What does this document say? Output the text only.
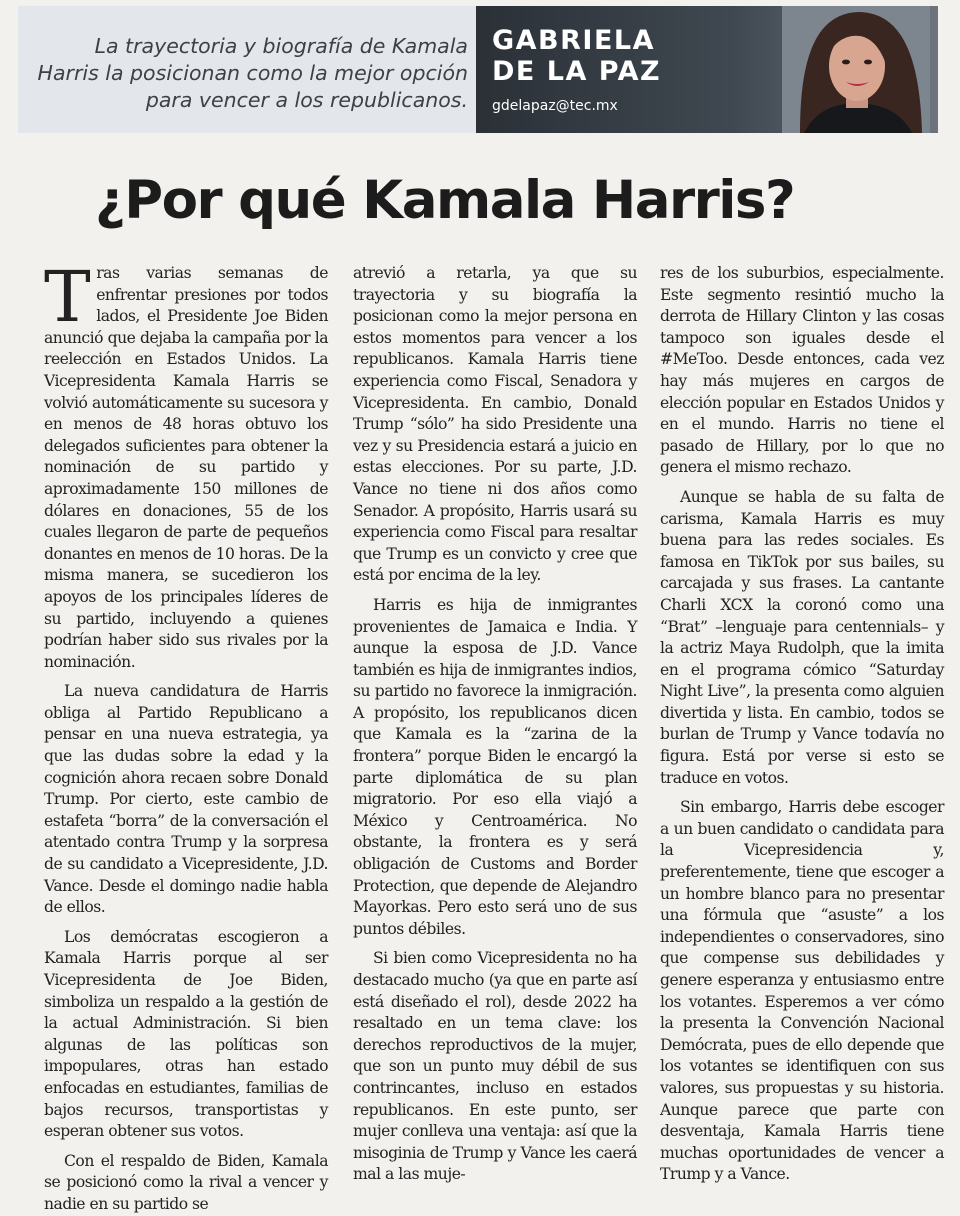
La trayectoria y biografía de Kamala Harris la posicionan como la mejor opción para vencer a los republicanos.
GABRIELA
DE LA PAZ
gdelapaz@tec.mx
¿Por qué Kamala Harris?

Tras varias semanas de enfrentar presiones por todos lados, el Presidente Joe Biden anunció que dejaba la campaña por la reelección en Estados Unidos. La Vicepresidenta Kamala Harris se volvió automáticamente su sucesora y en menos de 48 horas obtuvo los delegados suficientes para obtener la nominación de su partido y aproximadamente 150 millones de dólares en donaciones, 55 de los cuales llegaron de parte de pequeños donantes en menos de 10 horas. De la misma manera, se sucedieron los apoyos de los principales líderes de su partido, incluyendo a quienes podrían haber sido sus rivales por la nominación.

La nueva candidatura de Harris obliga al Partido Republicano a pensar en una nueva estrategia, ya que las dudas sobre la edad y la cognición ahora recaen sobre Donald Trump. Por cierto, este cambio de estafeta “borra” de la conversación el atentado contra Trump y la sorpresa de su candidato a Vicepresidente, J.D. Vance. Desde el domingo nadie habla de ellos.

Los demócratas escogieron a Kamala Harris porque al ser Vicepresidenta de Joe Biden, simboliza un respaldo a la gestión de la actual Administración. Si bien algunas de las políticas son impopulares, otras han estado enfocadas en estudiantes, familias de bajos recursos, transportistas y esperan obtener sus votos.

Con el respaldo de Biden, Kamala se posicionó como la rival a vencer y nadie en su partido se

atrevió a retarla, ya que su trayectoria y su biografía la posicionan como la mejor persona en estos momentos para vencer a los republicanos. Kamala Harris tiene experiencia como Fiscal, Senadora y Vicepresidenta. En cambio, Donald Trump “sólo” ha sido Presidente una vez y su Presidencia estará a juicio en estas elecciones. Por su parte, J.D. Vance no tiene ni dos años como Senador. A propósito, Harris usará su experiencia como Fiscal para resaltar que Trump es un convicto y cree que está por encima de la ley.

Harris es hija de inmigrantes provenientes de Jamaica e India. Y aunque la esposa de J.D. Vance también es hija de inmigrantes indios, su partido no favorece la inmigración. A propósito, los republicanos dicen que Kamala es la “zarina de la frontera” porque Biden le encargó la parte diplomática de su plan migratorio. Por eso ella viajó a México y Centroamérica. No obstante, la frontera es y será obligación de Customs and Border Protection, que depende de Alejandro Mayorkas. Pero esto será uno de sus puntos débiles.

Si bien como Vicepresidenta no ha destacado mucho (ya que en parte así está diseñado el rol), desde 2022 ha resaltado en un tema clave: los derechos reproductivos de la mujer, que son un punto muy débil de sus contrincantes, incluso en estados republicanos. En este punto, ser mujer conlleva una ventaja: así que la misoginia de Trump y Vance les caerá mal a las muje-

res de los suburbios, especialmente. Este segmento resintió mucho la derrota de Hillary Clinton y las cosas tampoco son iguales desde el #MeToo. Desde entonces, cada vez hay más mujeres en cargos de elección popular en Estados Unidos y en el mundo. Harris no tiene el pasado de Hillary, por lo que no genera el mismo rechazo.

Aunque se habla de su falta de carisma, Kamala Harris es muy buena para las redes sociales. Es famosa en TikTok por sus bailes, su carcajada y sus frases. La cantante Charli XCX la coronó como una “Brat” –lenguaje para centennials– y la actriz Maya Rudolph, que la imita en el programa cómico “Saturday Night Live”, la presenta como alguien divertida y lista. En cambio, todos se burlan de Trump y Vance todavía no figura. Está por verse si esto se traduce en votos.

Sin embargo, Harris debe escoger a un buen candidato o candidata para la Vicepresidencia y, preferentemente, tiene que escoger a un hombre blanco para no presentar una fórmula que “asuste” a los independientes o conservadores, sino que compense sus debilidades y genere esperanza y entusiasmo entre los votantes. Esperemos a ver cómo la presenta la Convención Nacional Demócrata, pues de ello depende que los votantes se identifiquen con sus valores, sus propuestas y su historia. Aunque parece que parte con desventaja, Kamala Harris tiene muchas oportunidades de vencer a Trump y a Vance.
